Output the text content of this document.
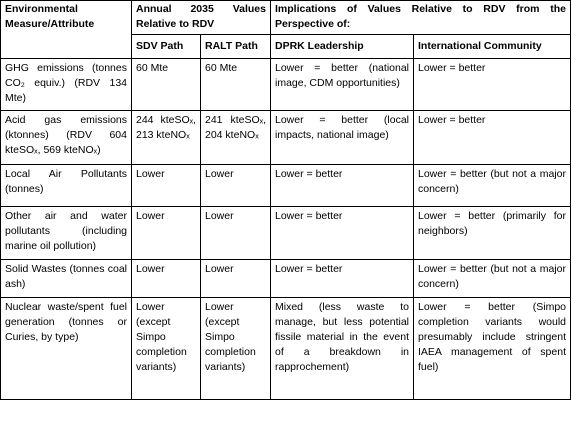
Environmental Measure/Attribute	Annual 2035 Values Relative to RDV		Implications of Values Relative to RDV from the Perspective of:	
	SDV Path	RALT Path	DPRK Leadership	International Community
GHG emissions (tonnes CO₂ equiv.) (RDV 134 Mte)	60 Mte	60 Mte	Lower = better (national image, CDM opportunities)	Lower = better
Acid gas emissions (ktonnes) (RDV 604 kteSOₓ, 569 kteNOₓ)	244 kteSOₓ, 213 kteNOₓ	241 kteSOₓ, 204 kteNOₓ	Lower = better (local impacts, national image)	Lower = better
Local Air Pollutants (tonnes)	Lower	Lower	Lower = better	Lower = better (but not a major concern)
Other air and water pollutants (including marine oil pollution)	Lower	Lower	Lower = better	Lower = better (primarily for neighbors)
Solid Wastes (tonnes coal ash)	Lower	Lower	Lower = better	Lower = better (but not a major concern)
Nuclear waste/spent fuel generation (tonnes or Curies, by type)	Lower (except Simpo completion variants)	Lower (except Simpo completion variants)	Mixed (less waste to manage, but less potential fissile material in the event of a breakdown in rapprochement)	Lower = better (Simpo completion variants would presumably include stringent IAEA management of spent fuel)
